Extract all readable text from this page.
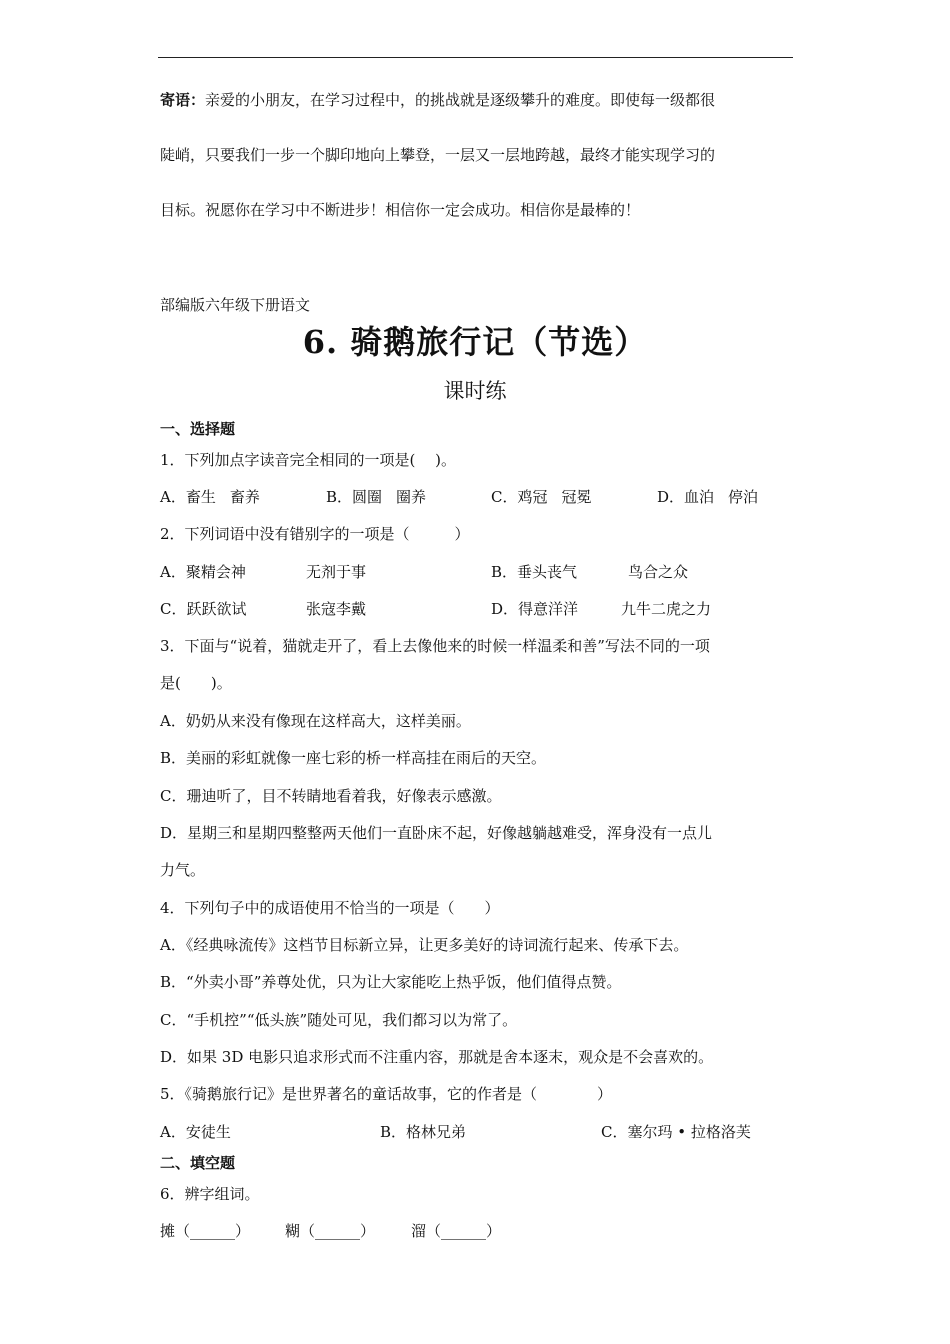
寄语：亲爱的小朋友，在学习过程中，的挑战就是逐级攀升的难度。即使每一级都很
陡峭，只要我们一步一个脚印地向上攀登，一层又一层地跨越，最终才能实现学习的
目标。祝愿你在学习中不断进步！相信你一定会成功。相信你是最棒的！
部编版六年级下册语文
6. 骑鹅旅行记（节选）
课时练
一、选择题
1．下列加点字读音完全相同的一项是(　 )。
A．畜生 畜养	B．圆圈 圈养	C．鸡冠 冠冕	D．血泊 停泊
2．下列词语中没有错别字的一项是（　　　）
A．聚精会神	无剂于事	B．垂头丧气	鸟合之众
C．跃跃欲试	张寇李戴	D．得意洋洋	九牛二虎之力
3．下面与“说着，猫就走开了，看上去像他来的时候一样温柔和善”写法不同的一项
是(　　)。
A．奶奶从来没有像现在这样高大，这样美丽。
B．美丽的彩虹就像一座七彩的桥一样高挂在雨后的天空。
C．珊迪听了，目不转睛地看着我，好像表示感激。
D．星期三和星期四整整两天他们一直卧床不起，好像越躺越难受，浑身没有一点儿
力气。
4．下列句子中的成语使用不恰当的一项是（　　）
A．《经典咏流传》这档节目标新立异，让更多美好的诗词流行起来、传承下去。
B．“外卖小哥”养尊处优，只为让大家能吃上热乎饭，他们值得点赞。
C．“手机控”“低头族”随处可见，我们都习以为常了。
D．如果 3D 电影只追求形式而不注重内容，那就是舍本逐末，观众是不会喜欢的。
5．《骑鹅旅行记》是世界著名的童话故事，它的作者是（　　　　）
A．安徒生	B．格林兄弟	C．塞尔玛 • 拉格洛芙
二、填空题
6．辨字组词。
摊（______） 糊（______） 溜（______）
